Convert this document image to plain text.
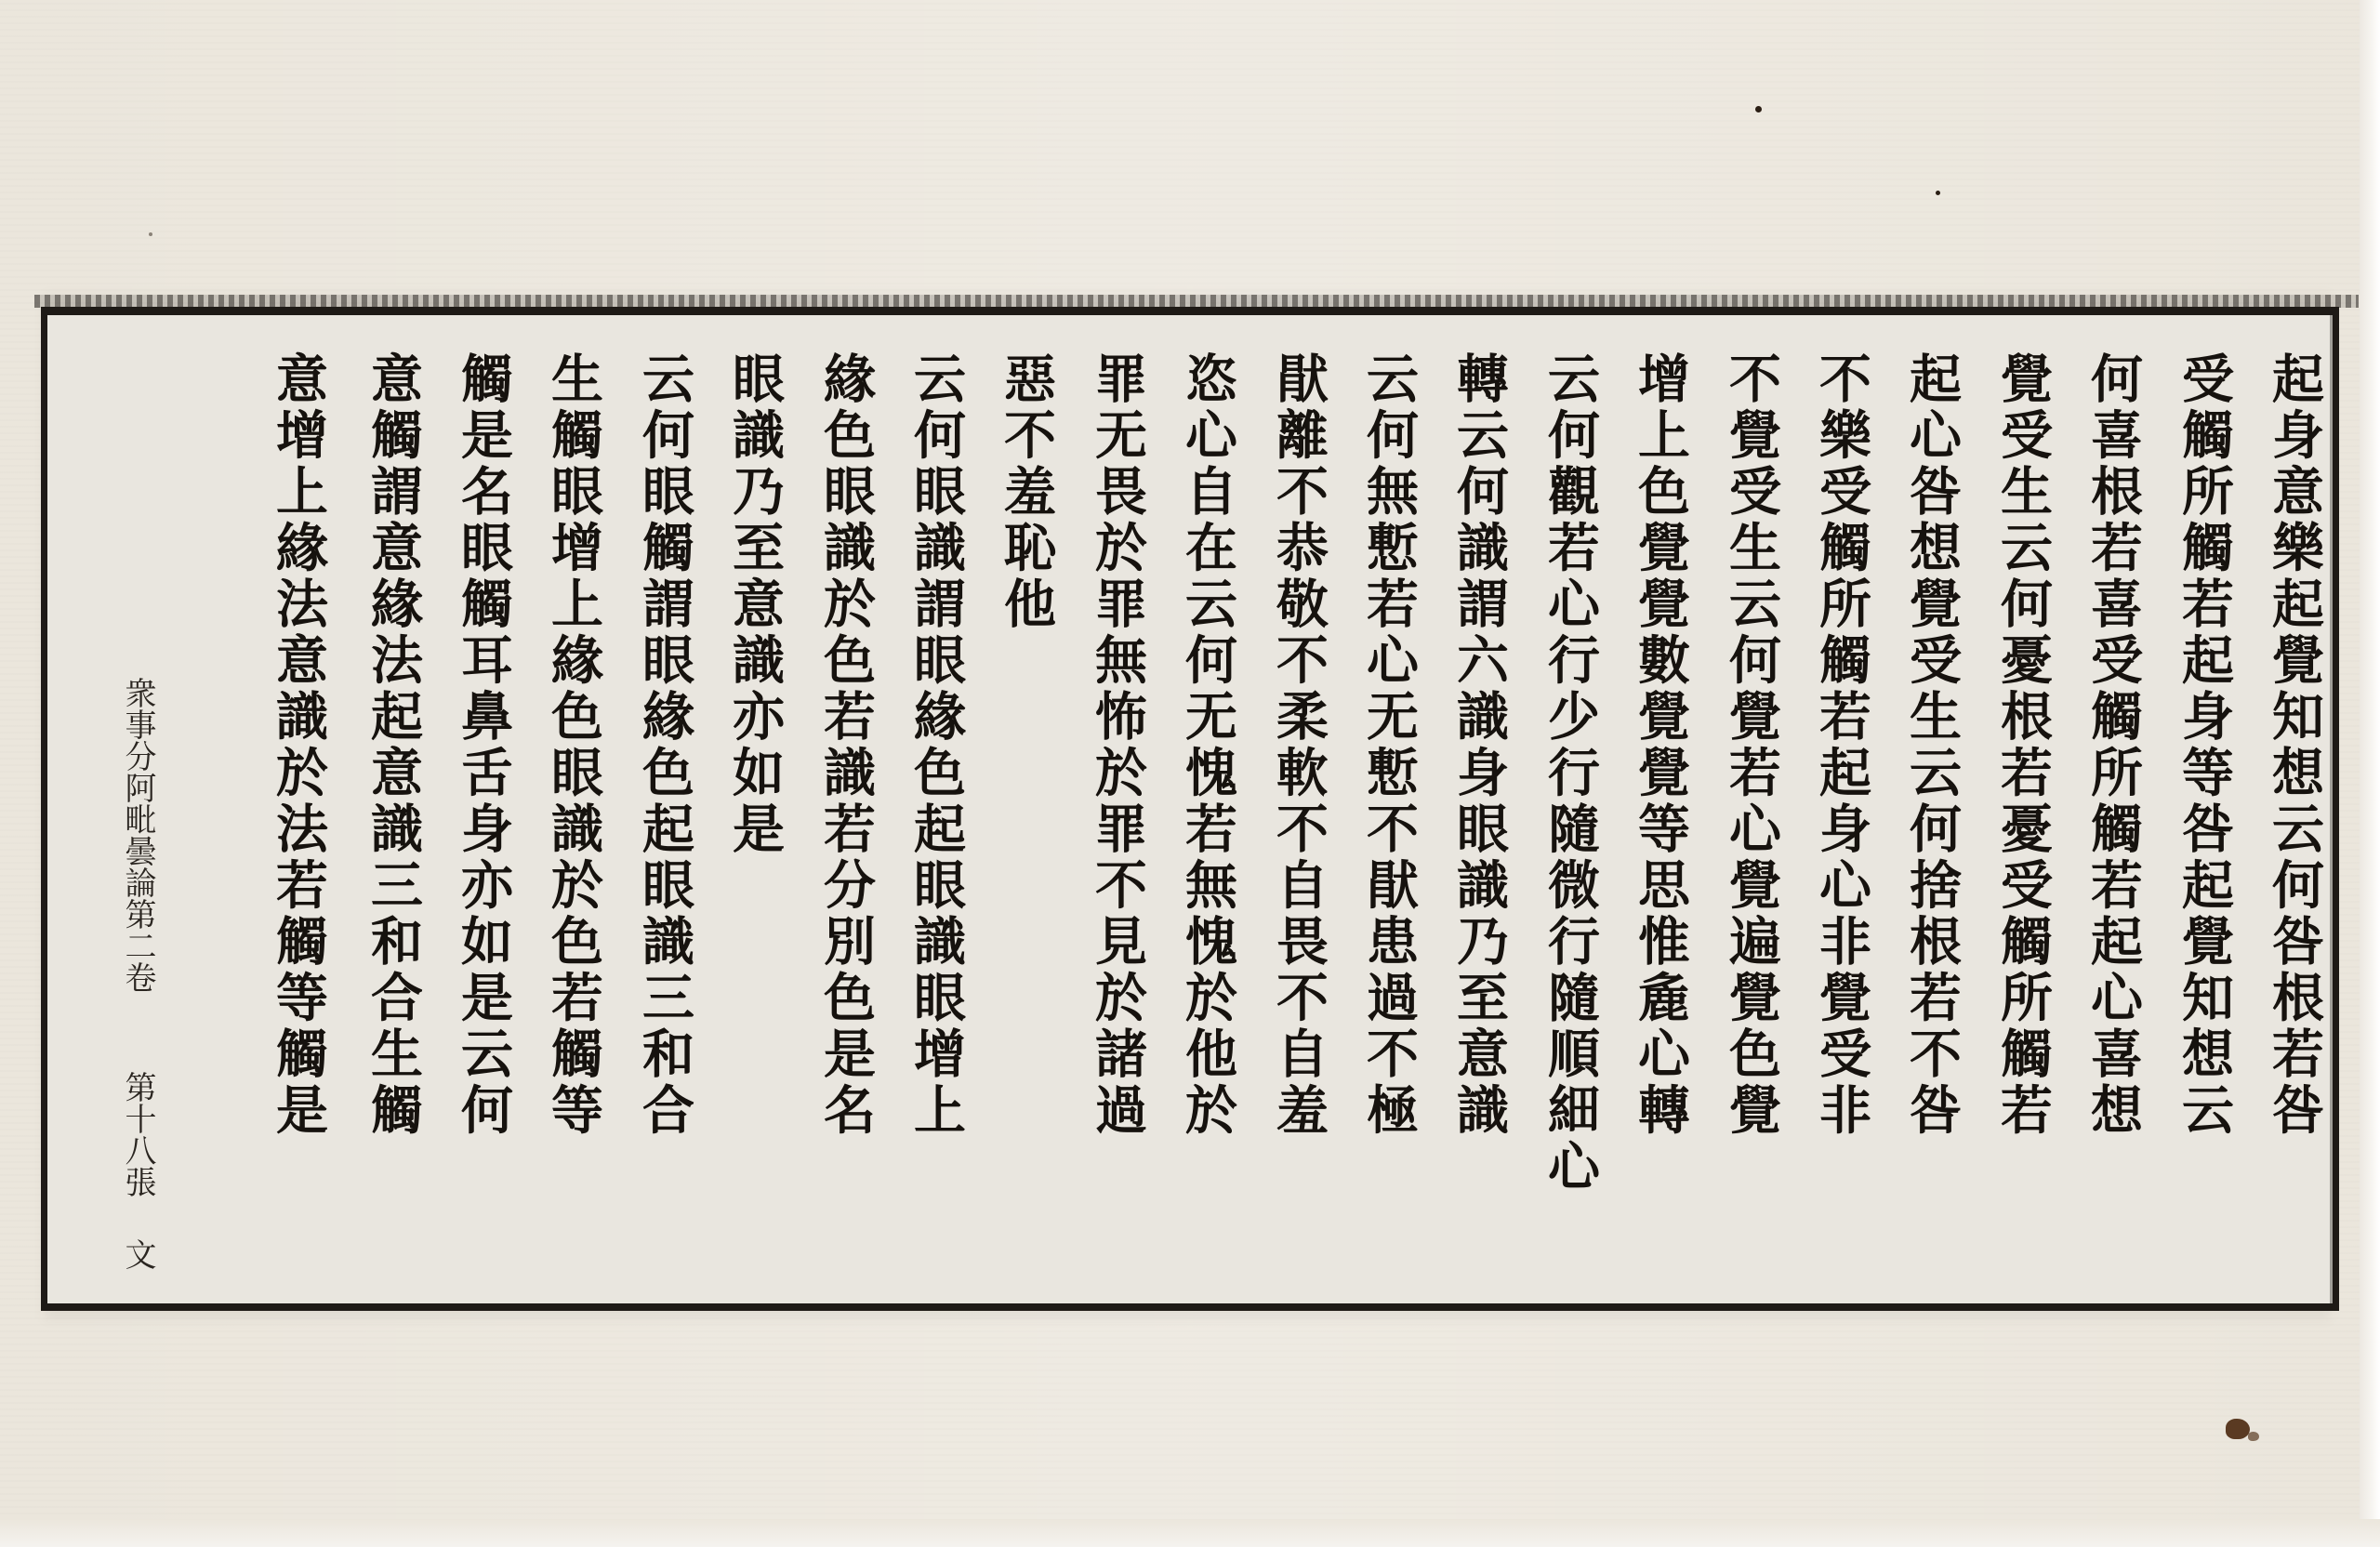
起身意樂起覺知想云何咎根若咎
受觸所觸若起身等咎起覺知想云
何喜根若喜受觸所觸若起心喜想
覺受生云何憂根若憂受觸所觸若
起心咎想覺受生云何捨根若不咎
不樂受觸所觸若起身心非覺受非
不覺受生云何覺若心覺遍覺色覺
增上色覺覺數覺覺等思惟麁心轉
云何觀若心行少行隨微行隨順細心
轉云何識謂六識身眼識乃至意識
云何無慙若心无慙不猒患過不極
猒離不恭敬不柔軟不自畏不自羞
恣心自在云何无愧若無愧於他於
罪无畏於罪無怖於罪不見於諸過
惡不羞恥他
云何眼識謂眼緣色起眼識眼增上
緣色眼識於色若識若分別色是名
眼識乃至意識亦如是
云何眼觸謂眼緣色起眼識三和合
生觸眼增上緣色眼識於色若觸等
觸是名眼觸耳鼻舌身亦如是云何
意觸謂意緣法起意識三和合生觸
意增上緣法意識於法若觸等觸是
衆事分阿毗曇論第二卷第十八張文
